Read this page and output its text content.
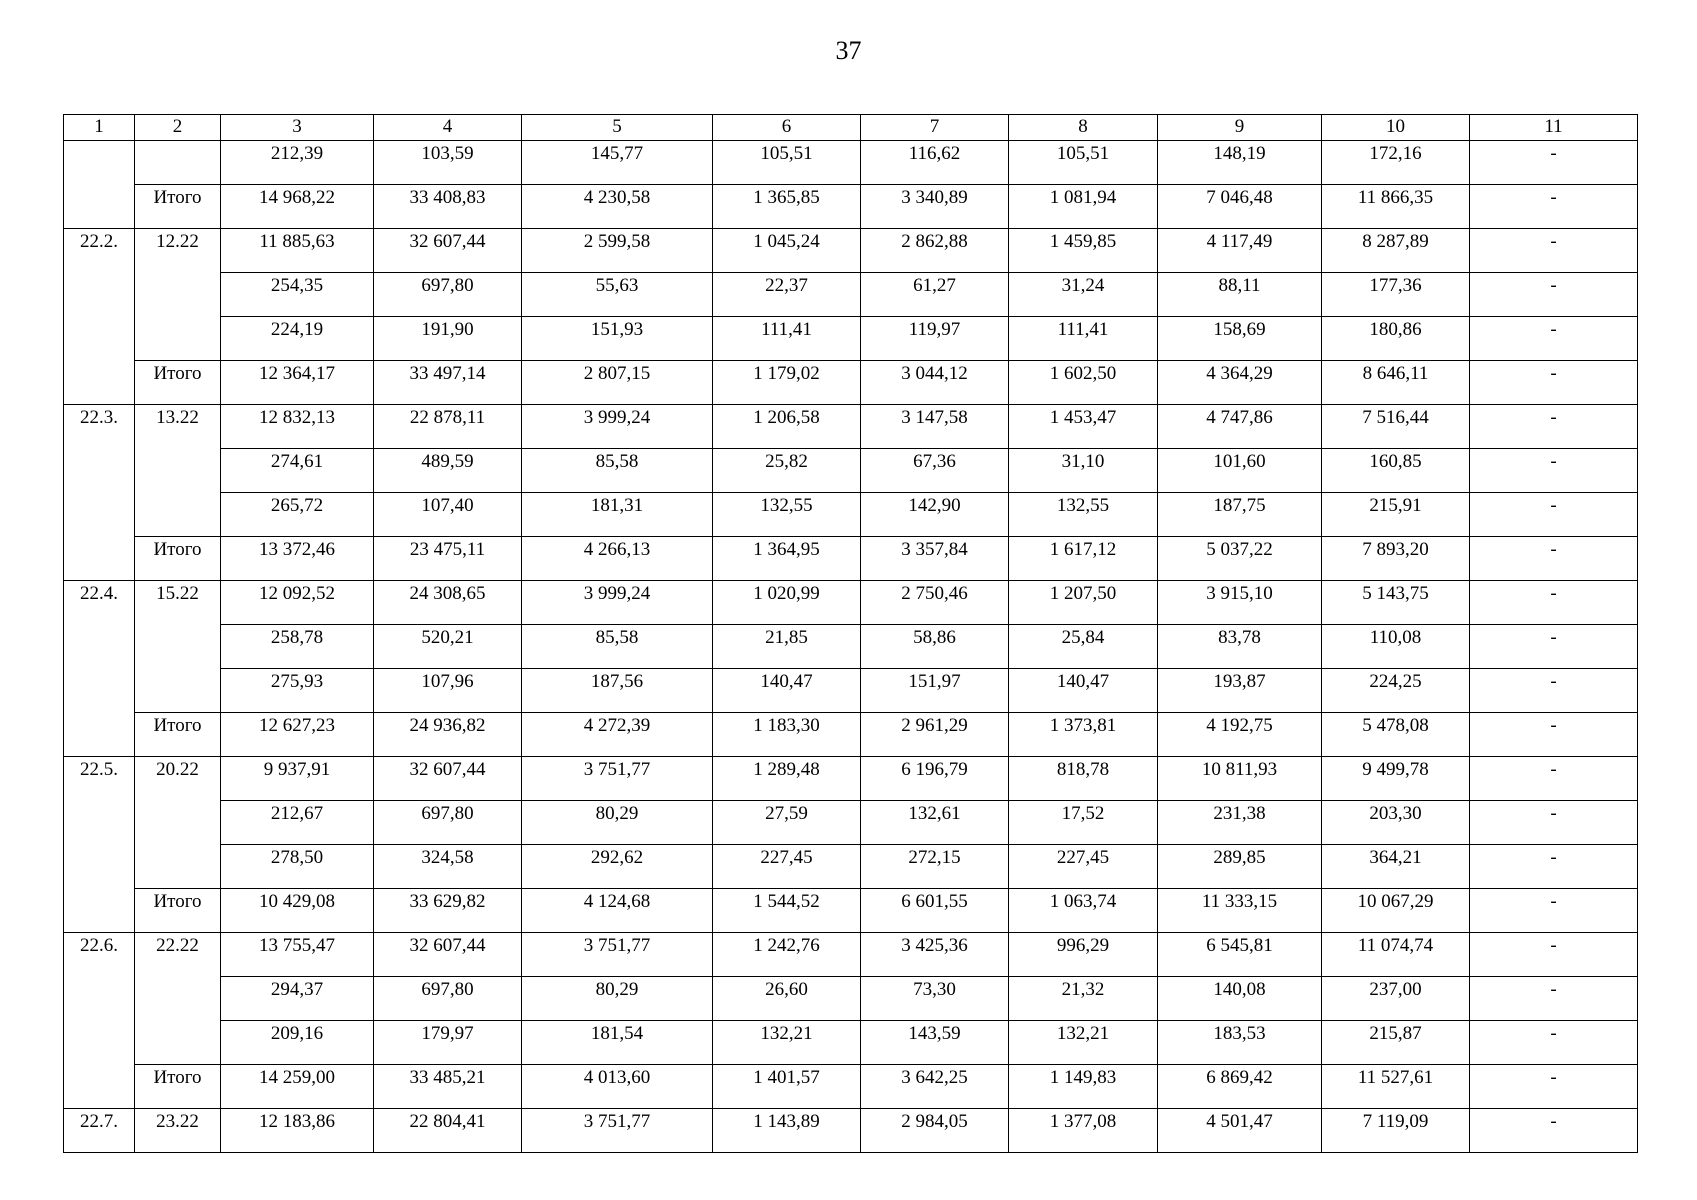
37
1	2	3	4	5	6	7	8	9	10	11
		212,39	103,59	145,77	105,51	116,62	105,51	148,19	172,16	-
	Итого	14 968,22	33 408,83	4 230,58	1 365,85	3 340,89	1 081,94	7 046,48	11 866,35	-
22.2.	12.22	11 885,63	32 607,44	2 599,58	1 045,24	2 862,88	1 459,85	4 117,49	8 287,89	-
		254,35	697,80	55,63	22,37	61,27	31,24	88,11	177,36	-
		224,19	191,90	151,93	111,41	119,97	111,41	158,69	180,86	-
	Итого	12 364,17	33 497,14	2 807,15	1 179,02	3 044,12	1 602,50	4 364,29	8 646,11	-
22.3.	13.22	12 832,13	22 878,11	3 999,24	1 206,58	3 147,58	1 453,47	4 747,86	7 516,44	-
		274,61	489,59	85,58	25,82	67,36	31,10	101,60	160,85	-
		265,72	107,40	181,31	132,55	142,90	132,55	187,75	215,91	-
	Итого	13 372,46	23 475,11	4 266,13	1 364,95	3 357,84	1 617,12	5 037,22	7 893,20	-
22.4.	15.22	12 092,52	24 308,65	3 999,24	1 020,99	2 750,46	1 207,50	3 915,10	5 143,75	-
		258,78	520,21	85,58	21,85	58,86	25,84	83,78	110,08	-
		275,93	107,96	187,56	140,47	151,97	140,47	193,87	224,25	-
	Итого	12 627,23	24 936,82	4 272,39	1 183,30	2 961,29	1 373,81	4 192,75	5 478,08	-
22.5.	20.22	9 937,91	32 607,44	3 751,77	1 289,48	6 196,79	818,78	10 811,93	9 499,78	-
		212,67	697,80	80,29	27,59	132,61	17,52	231,38	203,30	-
		278,50	324,58	292,62	227,45	272,15	227,45	289,85	364,21	-
	Итого	10 429,08	33 629,82	4 124,68	1 544,52	6 601,55	1 063,74	11 333,15	10 067,29	-
22.6.	22.22	13 755,47	32 607,44	3 751,77	1 242,76	3 425,36	996,29	6 545,81	11 074,74	-
		294,37	697,80	80,29	26,60	73,30	21,32	140,08	237,00	-
		209,16	179,97	181,54	132,21	143,59	132,21	183,53	215,87	-
	Итого	14 259,00	33 485,21	4 013,60	1 401,57	3 642,25	1 149,83	6 869,42	11 527,61	-
22.7.	23.22	12 183,86	22 804,41	3 751,77	1 143,89	2 984,05	1 377,08	4 501,47	7 119,09	-
